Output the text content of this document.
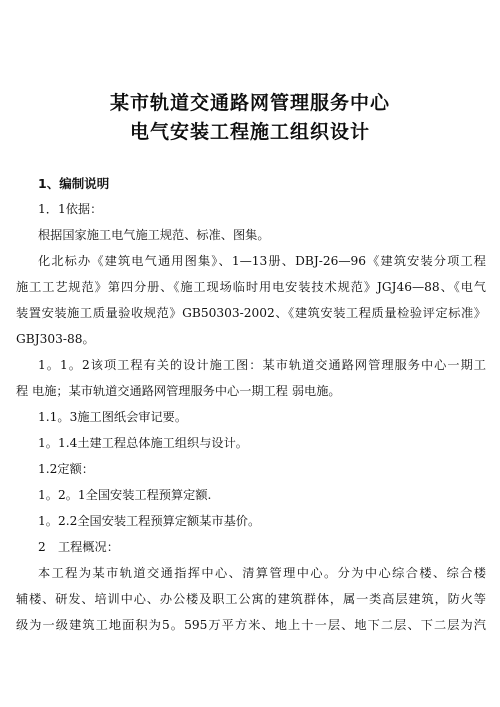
某市轨道交通路网管理服务中心
电气安装工程施工组织设计
1、编制说明
1．1依据：
根据国家施工电气施工规范、标准、图集。
化北标办《建筑电气通用图集》、1—13册、DBJ-26—96《建筑安装分项工程
施工工艺规范》第四分册、《施工现场临时用电安装技术规范》JGJ46—88、《电气
装置安装施工质量验收规范》GB50303-2002、《建筑安装工程质量检验评定标准》
GBJ303-88。
1。1。2该项工程有关的设计施工图：某市轨道交通路网管理服务中心一期工
程 电施；某市轨道交通路网管理服务中心一期工程 弱电施。
1.1。3施工图纸会审记要。
1。1.4土建工程总体施工组织与设计。
1.2定额：
1。2。1全国安装工程预算定额.
1。2.2全国安装工程预算定额某市基价。
2　工程概况：
本工程为某市轨道交通指挥中心、清算管理中心。分为中心综合楼、综合楼
辅楼、研发、培训中心、办公楼及职工公寓的建筑群体，属一类高层建筑，防火等
级为一级建筑工地面积为5。595万平方米、地上十一层、地下二层、下二层为汽
